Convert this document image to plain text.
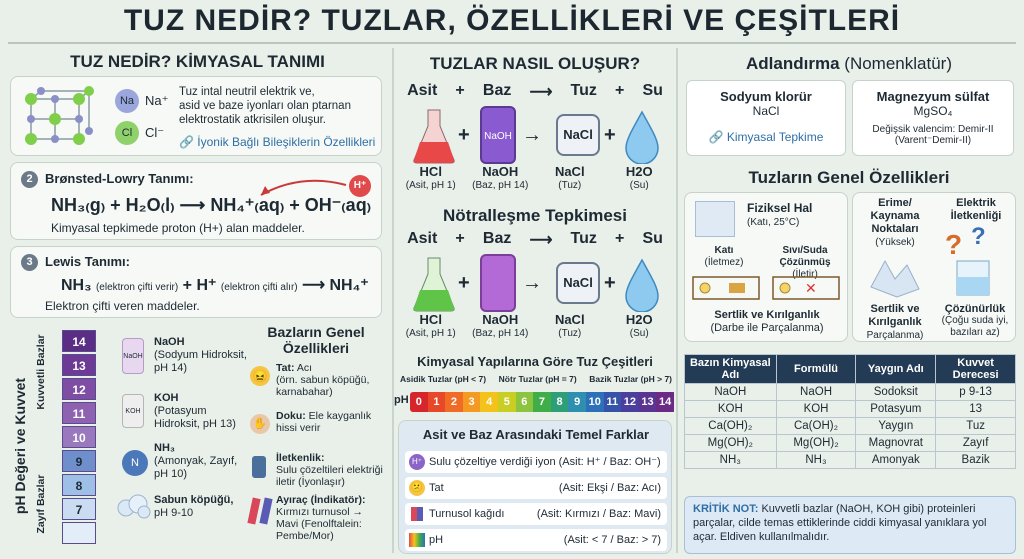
TUZ NEDİR? TUZLAR, ÖZELLİKLERİ VE ÇEŞİTLERİ
TUZ NEDİR? KİMYASAL TANIMI
Na Na⁺
Cl Cl⁻
Tuz intal neutril elektrik ve,
asid ve baze iyonları olan ptarnan
elektrostatik atkrisilen oluşur.
🔗 İyonik Bağlı Bileşiklerin Özellikleri
2 Brønsted-Lowry Tanımı:	H⁺
NH₃₍g₎ + H₂O₍l₎ ⟶ NH₄⁺₍aq₎ + OH⁻₍aq₎
Kimyasal tepkimede proton (H+) alan maddeler.
3 Lewis Tanımı:
NH₃ (elektron çifti verir) + H⁺ (elektron çifti alır) ⟶ NH₄⁺
Elektron çifti veren maddeler.
pH Değeri ve Kuvvet
Kuvvetli Bazlar
Zayıf Bazlar
14
13
12
11
10
9
8
7
NaOH
NaOH
(Sodyum Hidroksit, pH 14)
KOH
KOH
(Potasyum Hidroksit, pH 13)
N
NH₃
(Amonyak, Zayıf, pH 10)
Sabun köpüğü,
pH 9-10
Bazların Genel Özellikleri
😖
Tat: Acı
(örn. sabun köpüğü, karnabahar)
✋
Doku: Ele kayganlık hissi verir
İletkenlik:
Sulu çözeltileri elektriği iletir (İyonlaşır)
Ayıraç (İndikatör):
Kırmızı turnusol → Mavi (Fenolftalein: Pembe/Mor)
TUZLAR NASIL OLUŞUR?
Asit + Baz ⟶ Tuz + Su
+	NaOH →	NaCl +
HCl
(Asit, pH 1)
NaOH
(Baz, pH 14)
NaCl
(Tuz)
H2O
(Su)
Nötralleşme Tepkimesi
Asit + Baz ⟶ Tuz + Su
+	→	NaCl +
HCl
(Asit, pH 1)
NaOH
(Baz, pH 14)
NaCl
(Tuz)
H2O
(Su)
Kimyasal Yapılarına Göre Tuz Çeşitleri
Asidik Tuzlar (pH < 7) Nötr Tuzlar (pH = 7) Bazik Tuzlar (pH > 7)
pH 0	1	2	3	4	5	6	7	8	9 10 11 12 13 14
Asit ve Baz Arasındaki Temel Farklar
H⁺ Sulu çözeltiye verdiği iyon (Asit: H⁺ / Baz: OH⁻)
😕 Tat	(Asit: Ekşi / Baz: Acı)
Turnusol kağıdı	(Asit: Kırmızı / Baz: Mavi)
pH	(Asit: < 7 / Baz: > 7)
Adlandırma (Nomenklatür)
Sodyum klorür
NaCl
🔗 Kimyasal Tepkime
Magnezyum sülfat
MgSO₄
Değişsik valencim: Demir-II
(Varent⁻Demir-II)
Tuzların Genel Özellikleri
Fiziksel Hal
(Katı, 25°C)
Katı
(İletmez)
Sıvı/Suda Çözünmüş
(İletir)
✕
Sertlik ve Kırılganlık
(Darbe ile Parçalanma)
Erime/ Kaynama Noktaları
(Yüksek)
Elektrik İletkenliği
? ?
Sertlik ve Kırılganlık
Parçalanma)
Çözünürlük
(Çoğu suda iyi, bazıları az)
Bazın Kimyasal Adı	Formülü	Yaygın Adı	Kuvvet Derecesi
NaOH	NaOH	Sodoksit	p 9-13
KOH	KOH	Potasyum	13
Ca(OH)₂	Ca(OH)₂	Yaygın	Tuz
Mg(OH)₂	Mg(OH)₂	Magnovrat	Zayıf
NH₃	NH₃	Amonyak	Bazik
KRİTİK NOT: Kuvvetli bazlar (NaOH, KOH gibi) proteinleri parçalar, cilde temas ettiklerinde ciddi kimyasal yanıklara yol açar. Eldiven kullanılmalıdır.
